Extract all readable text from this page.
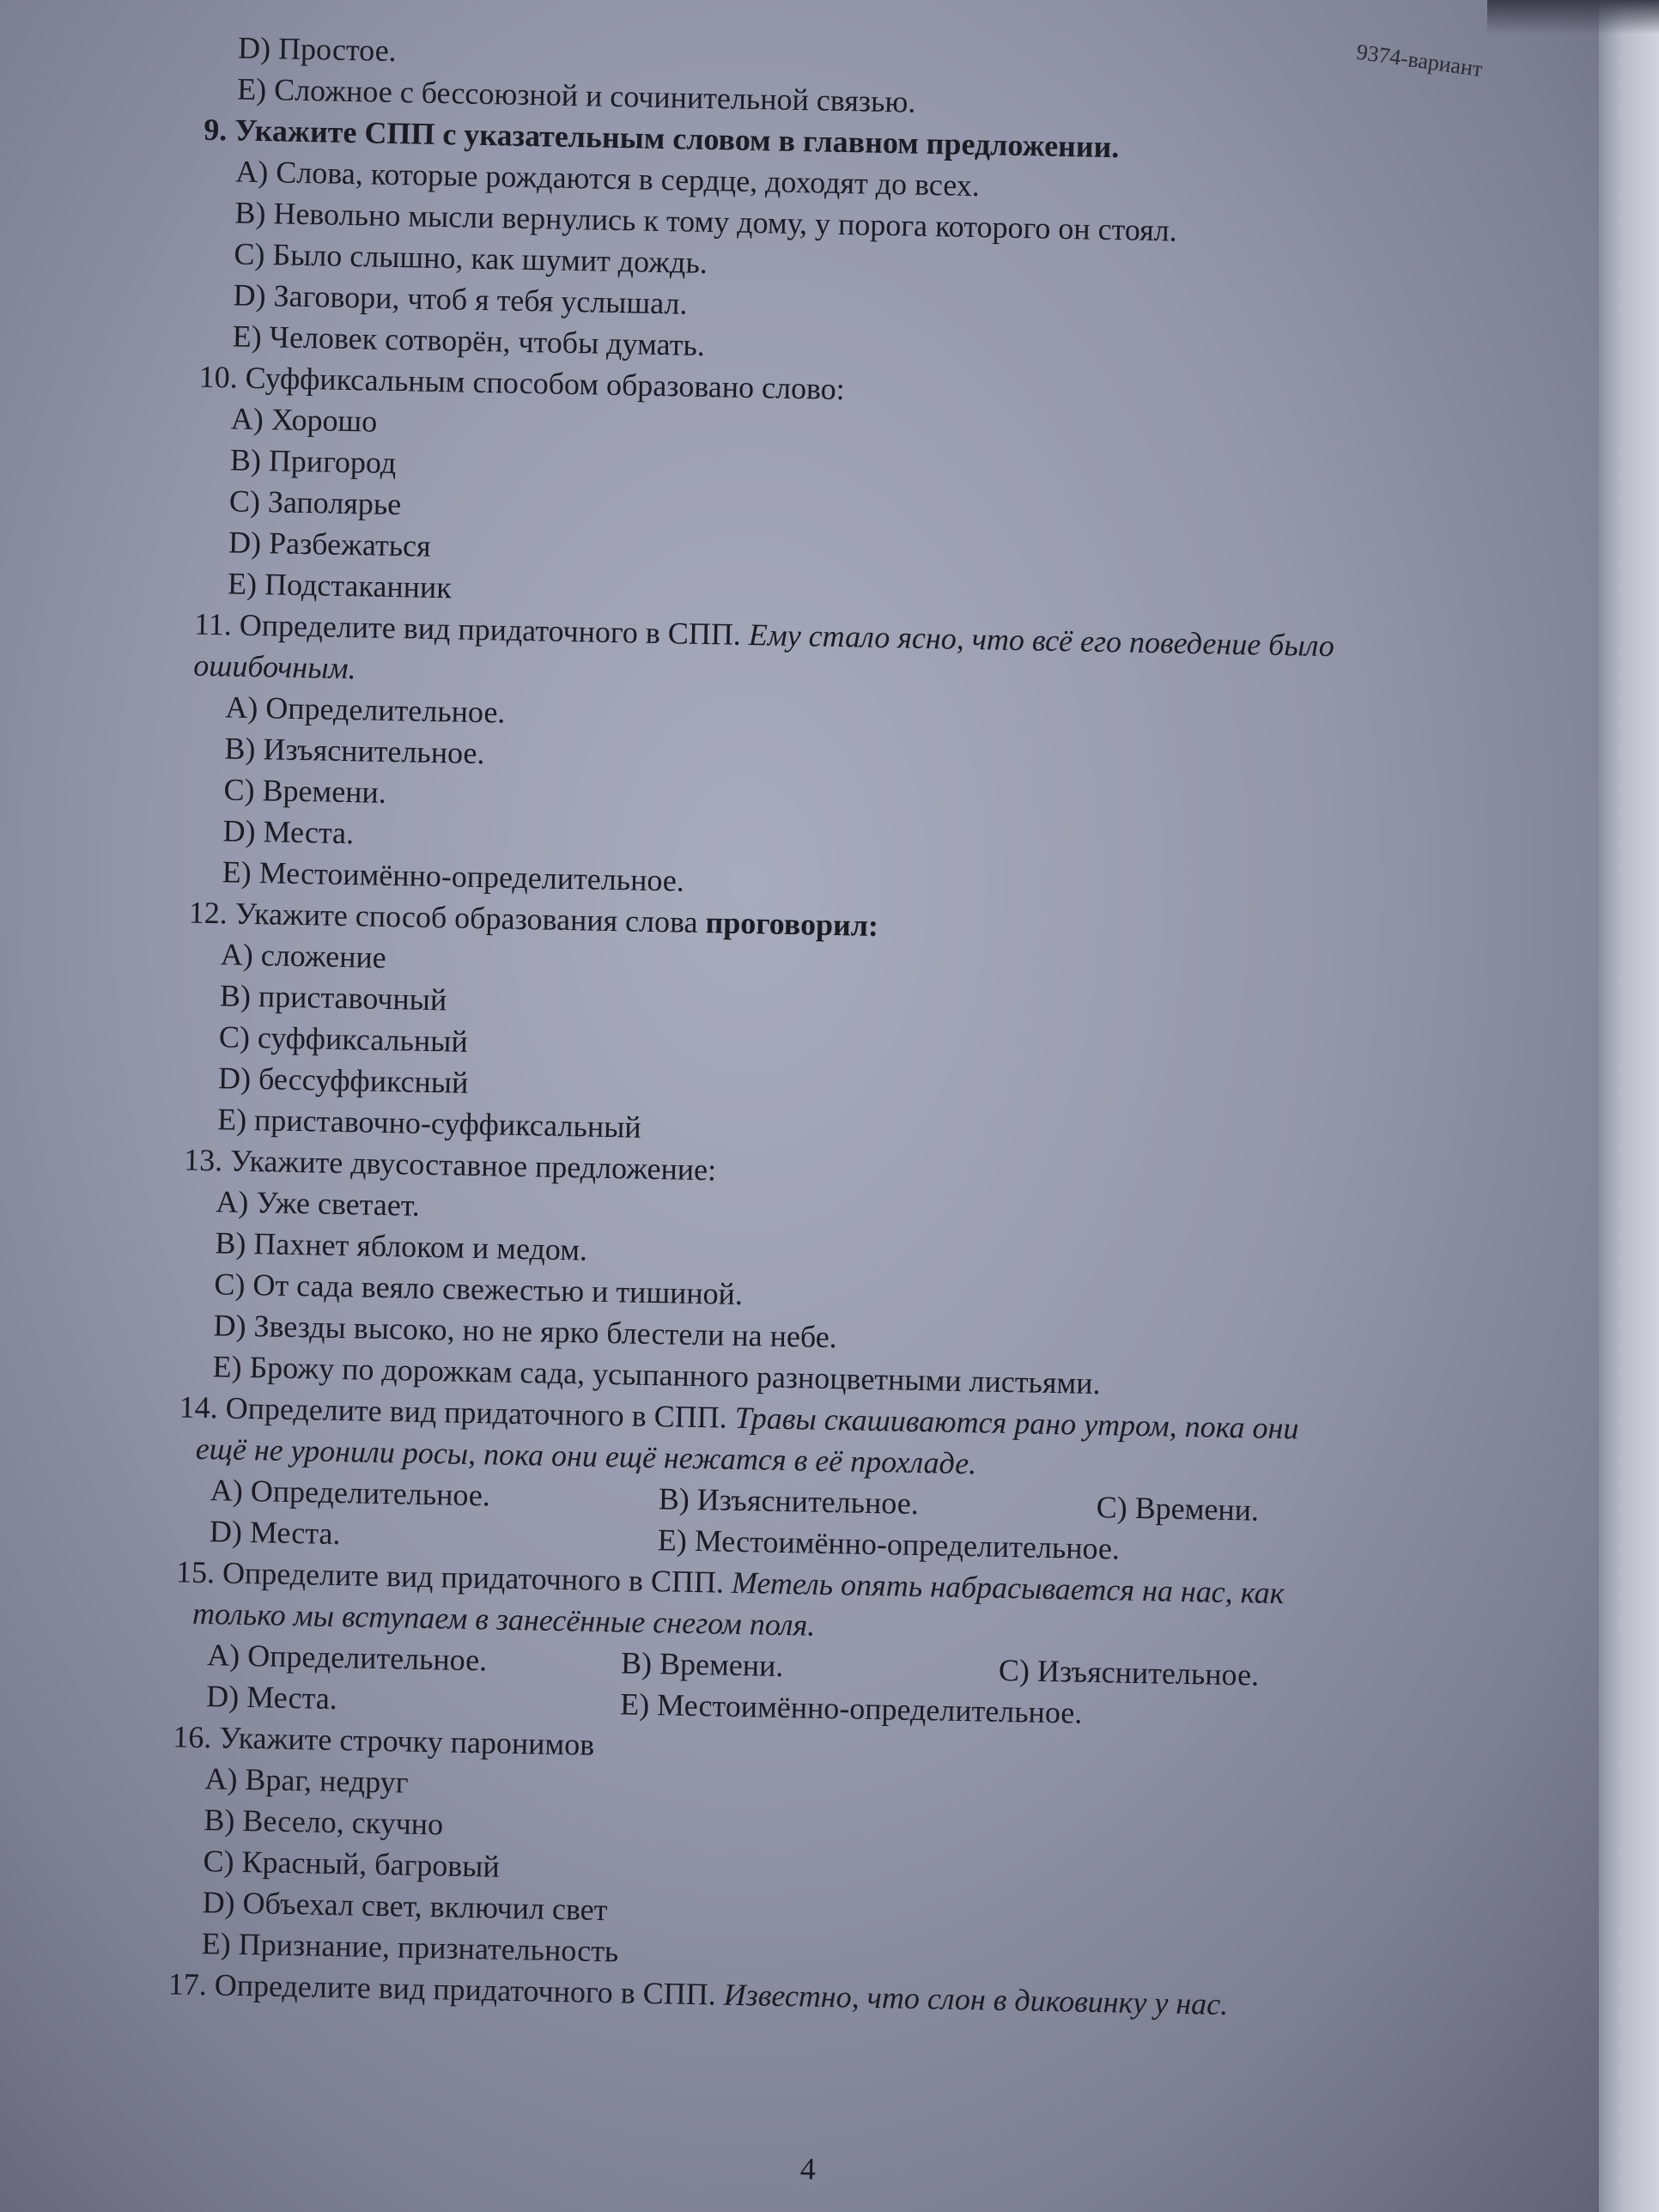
9374-вариант
D) Простое.
E) Сложное с бессоюзной и сочинительной связью.
9. Укажите СПП с указательным словом в главном предложении.
A) Слова, которые рождаются в сердце, доходят до всех.
B) Невольно мысли вернулись к тому дому, у порога которого он стоял.
C) Было слышно, как шумит дождь.
D) Заговори, чтоб я тебя услышал.
E) Человек сотворён, чтобы думать.
10. Суффиксальным способом образовано слово:
A) Хорошо
B) Пригород
C) Заполярье
D) Разбежаться
E) Подстаканник
11. Определите вид придаточного в СПП. Ему стало ясно, что всё его поведение было
ошибочным.
A) Определительное.
B) Изъяснительное.
C) Времени.
D) Места.
E) Местоимённо-определительное.
12. Укажите способ образования слова проговорил:
A) сложение
B) приставочный
C) суффиксальный
D) бессуффиксный
E) приставочно-суффиксальный
13. Укажите двусоставное предложение:
A) Уже светает.
B) Пахнет яблоком и медом.
C) От сада веяло свежестью и тишиной.
D) Звезды высоко, но не ярко блестели на небе.
E) Брожу по дорожкам сада, усыпанного разноцветными листьями.
14. Определите вид придаточного в СПП. Травы скашиваются рано утром, пока они
ещё не уронили росы, пока они ещё нежатся в её прохладе.
A) Определительное.	B) Изъяснительное.	C) Времени.
D) Места.	E) Местоимённо-определительное.
15. Определите вид придаточного в СПП. Метель опять набрасывается на нас, как
только мы вступаем в занесённые снегом поля.
A) Определительное.	B) Времени.	C) Изъяснительное.
D) Места.	E) Местоимённо-определительное.
16. Укажите строчку паронимов
A) Враг, недруг
B) Весело, скучно
C) Красный, багровый
D) Объехал свет, включил свет
E) Признание, признательность
17. Определите вид придаточного в СПП. Известно, что слон в диковинку у нас.
4
